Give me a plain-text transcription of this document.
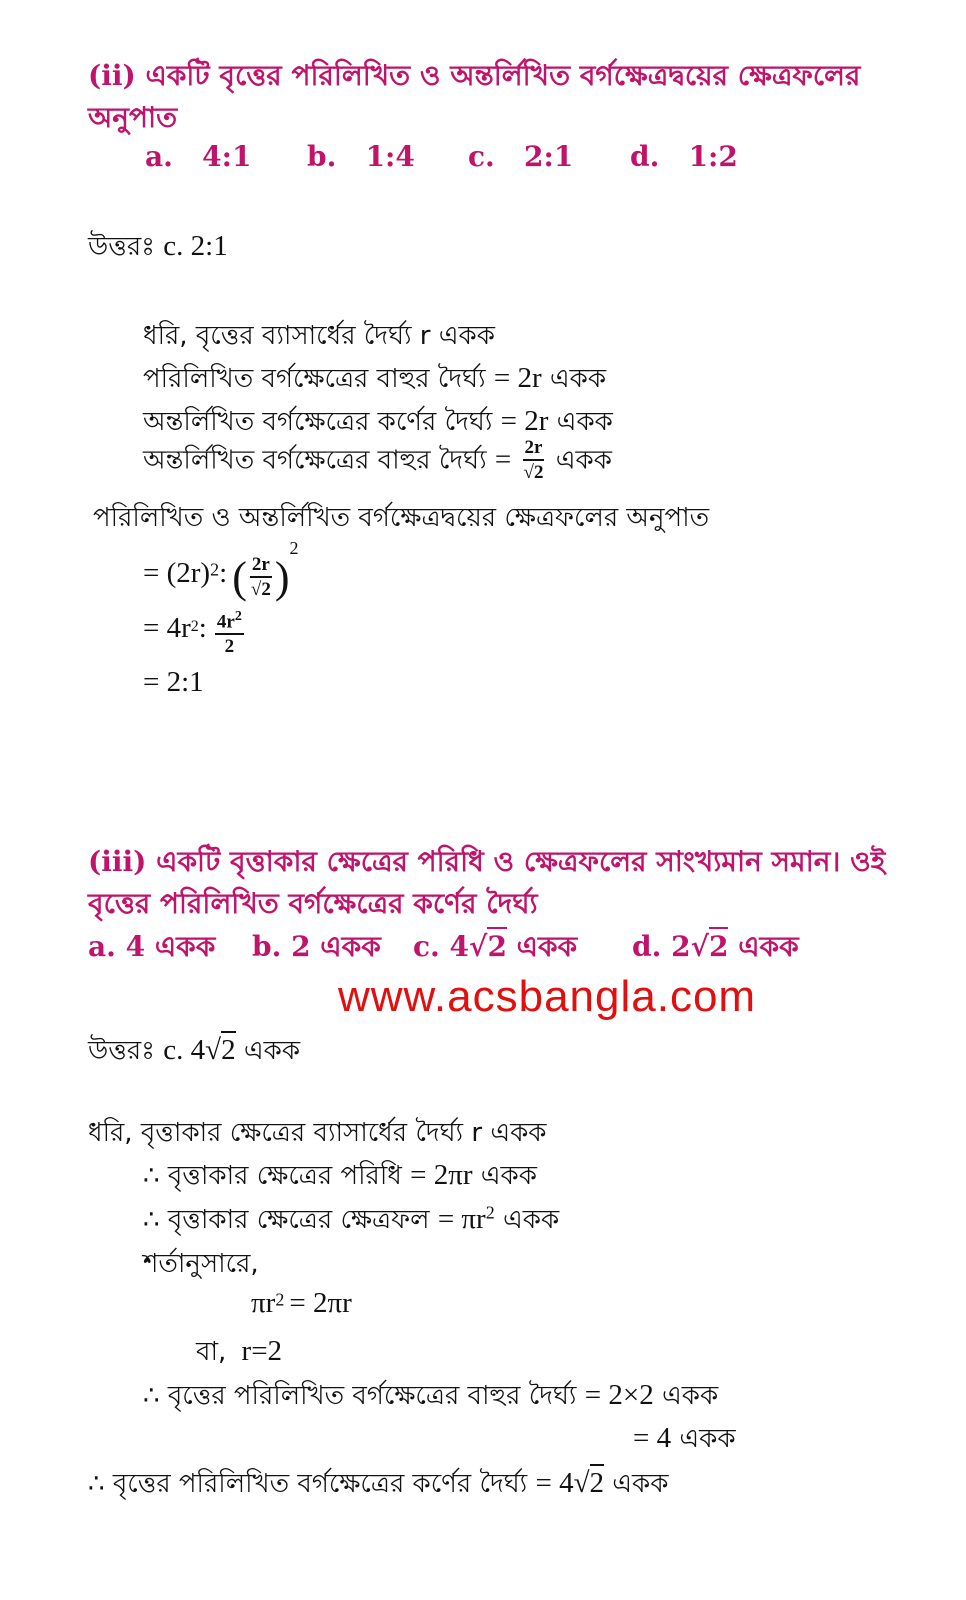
(ii) একটি বৃত্তের পরিলিখিত ও অন্তর্লিখিত বর্গক্ষেত্রদ্বয়ের ক্ষেত্রফলের
অনুপাত
a. 4:1 b. 1:4 c. 2:1 d. 1:2
উত্তরঃ c. 2:1
ধরি, বৃত্তের ব্যাসার্ধের দৈর্ঘ্য r একক
পরিলিখিত বর্গক্ষেত্রের বাহুর দৈর্ঘ্য = 2r একক
অন্তর্লিখিত বর্গক্ষেত্রের কর্ণের দৈর্ঘ্য = 2r একক
অন্তর্লিখিত বর্গক্ষেত্রের বাহুর দৈর্ঘ্য = $\frac{2r}{√2}$ একক
পরিলিখিত ও অন্তর্লিখিত বর্গক্ষেত্রদ্বয়ের ক্ষেত্রফলের অনুপাত
= $(2r)^2$: ( $\frac{2r}{√2} )^2$
= $4r^2$: $\frac{4r^2}{2}$
= 2:1
(iii) একটি বৃত্তাকার ক্ষেত্রের পরিধি ও ক্ষেত্রফলের সাংখ্যমান সমান। ওই
বৃত্তের পরিলিখিত বর্গক্ষেত্রের কর্ণের দৈর্ঘ্য
a. 4 একক b. 2 একক c. 4√2 একক d. 2√2 একক
www.acsbangla.com
উত্তরঃ c. 4√2 একক
ধরি, বৃত্তাকার ক্ষেত্রের ব্যাসার্ধের দৈর্ঘ্য r একক
∴ বৃত্তাকার ক্ষেত্রের পরিধি = 2πr একক
∴ বৃত্তাকার ক্ষেত্রের ক্ষেত্রফল = $\pi r^2$ একক
শর্তানুসারে,
$\pi r^2 = 2\pi r$
বা, r=2
∴ বৃত্তের পরিলিখিত বর্গক্ষেত্রের বাহুর দৈর্ঘ্য = 2×2 একক
= 4 একক
∴ বৃত্তের পরিলিখিত বর্গক্ষেত্রের কর্ণের দৈর্ঘ্য = 4√2 একক
